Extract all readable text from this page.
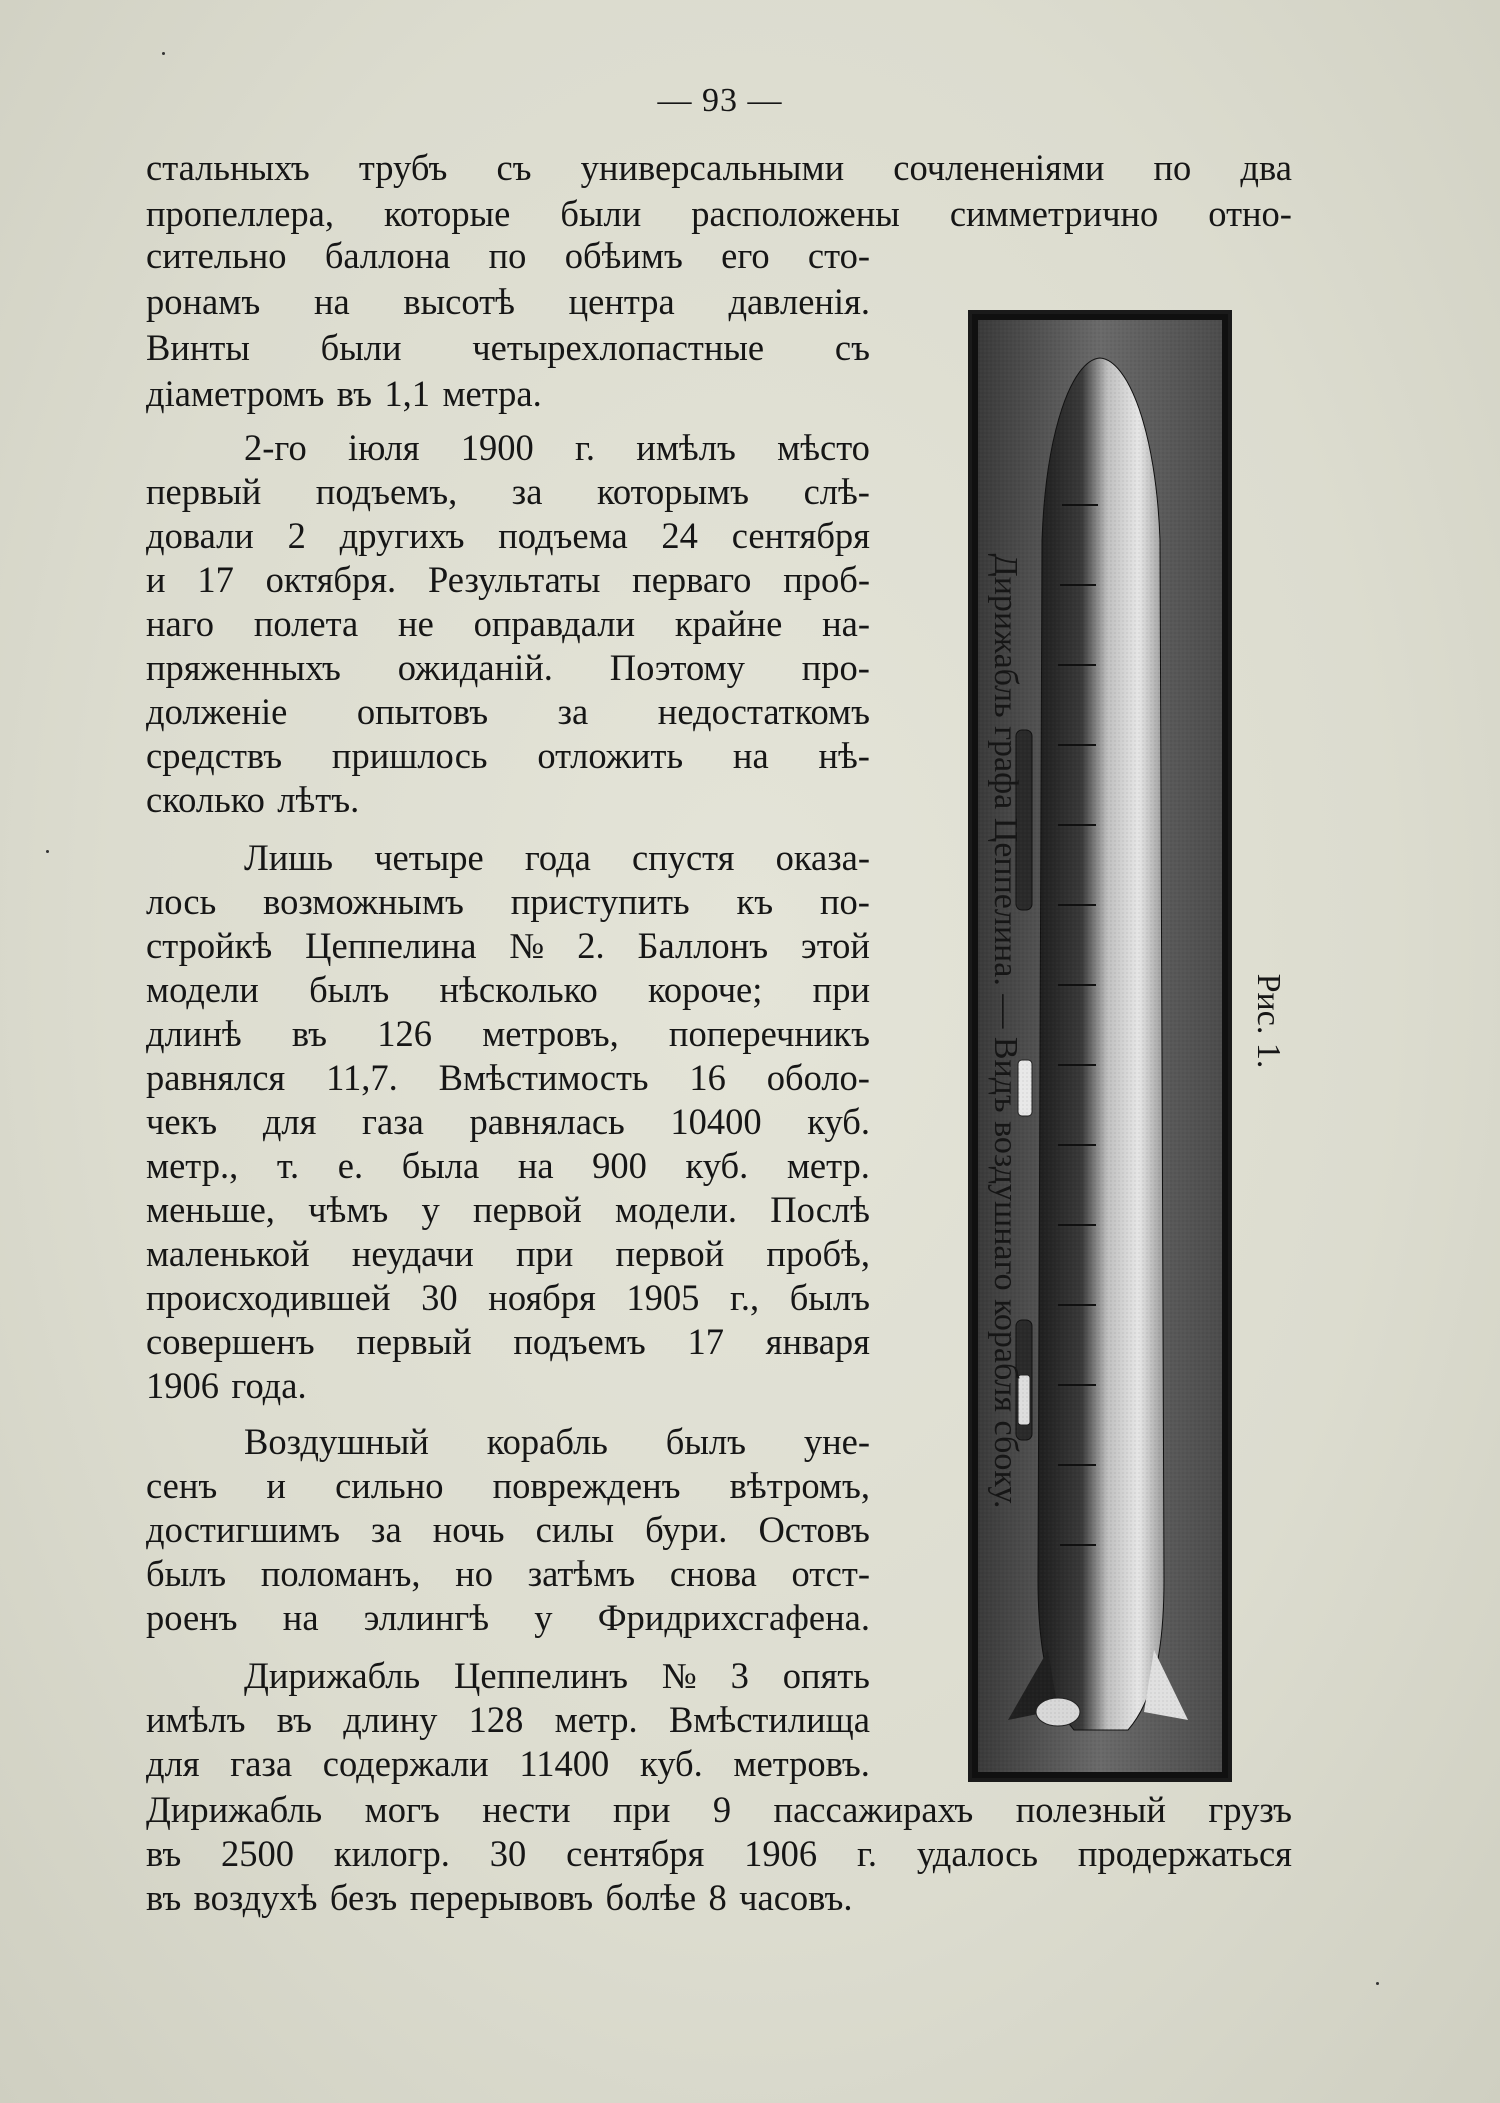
— 93 —
стальныхъ трубъ съ универсальными сочлененіями по два
пропеллера, которые были расположены симметрично отно-
сительно баллона по обѣимъ его сто-
ронамъ на высотѣ центра давленія.
Винты были четырехлопастные съ
діаметромъ въ 1,1 метра.
2-го іюля 1900 г. имѣлъ мѣсто
первый подъемъ, за которымъ слѣ-
довали 2 другихъ подъема 24 сентября
и 17 октября. Результаты перваго проб-
наго полета не оправдали крайне на-
пряженныхъ ожиданій. Поэтому про-
долженіе опытовъ за недостаткомъ
средствъ пришлось отложить на нѣ-
сколько лѣтъ.
Лишь четыре года спустя оказа-
лось возможнымъ приступить къ по-
стройкѣ Цеппелина № 2. Баллонъ этой
модели былъ нѣсколько короче; при
длинѣ въ 126 метровъ, поперечникъ
равнялся 11,7. Вмѣстимость 16 оболо-
чекъ для газа равнялась 10400 куб.
метр., т. е. была на 900 куб. метр.
меньше, чѣмъ у первой модели. Послѣ
маленькой неудачи при первой пробѣ,
происходившей 30 ноября 1905 г., былъ
совершенъ первый подъемъ 17 января
1906 года.
Воздушный корабль былъ уне-
сенъ и сильно поврежденъ вѣтромъ,
достигшимъ за ночь силы бури. Остовъ
былъ поломанъ, но затѣмъ снова отст-
роенъ на эллингѣ у Фридрихсгафена.
Дирижабль Цеппелинъ № 3 опять
имѣлъ въ длину 128 метр. Вмѣстилища
для газа содержали 11400 куб. метровъ.
Дирижабль могъ нести при 9 пассажирахъ полезный грузъ
въ 2500 килогр. 30 сентября 1906 г. удалось продержаться
въ воздухѣ безъ перерывовъ болѣе 8 часовъ.
Дирижабль графа Цеппелина. — Видъ воздушнаго корабля сбоку.	Рис. 1.
